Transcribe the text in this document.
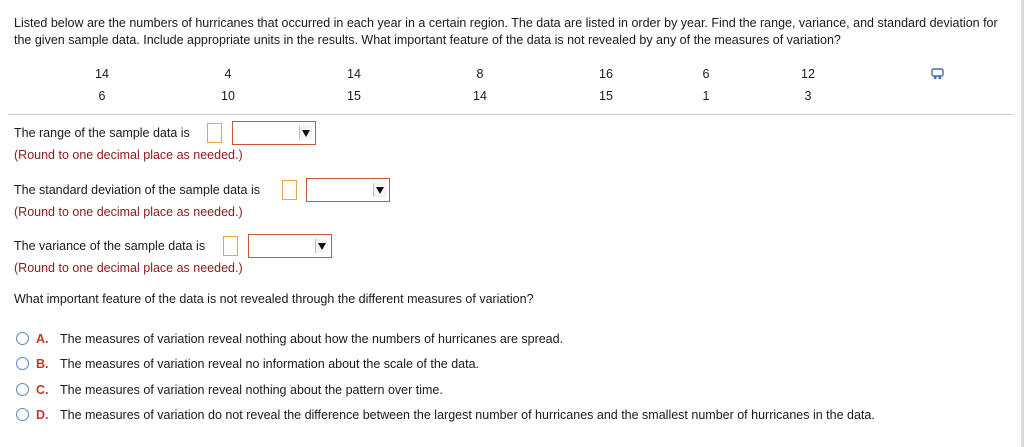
Listed below are the numbers of hurricanes that occurred in each year in a certain region. The data are listed in order by year. Find the range, variance, and standard deviation for the given sample data. Include appropriate units in the results. What important feature of the data is not revealed by any of the measures of variation?
14	4	14	8	16	6	12
6	10	15	14	15	1	3
The range of the sample data is
(Round to one decimal place as needed.)
The standard deviation of the sample data is
(Round to one decimal place as needed.)
The variance of the sample data is
(Round to one decimal place as needed.)
What important feature of the data is not revealed through the different measures of variation?
A. The measures of variation reveal nothing about how the numbers of hurricanes are spread.
B. The measures of variation reveal no information about the scale of the data.
C. The measures of variation reveal nothing about the pattern over time.
D. The measures of variation do not reveal the difference between the largest number of hurricanes and the smallest number of hurricanes in the data.
